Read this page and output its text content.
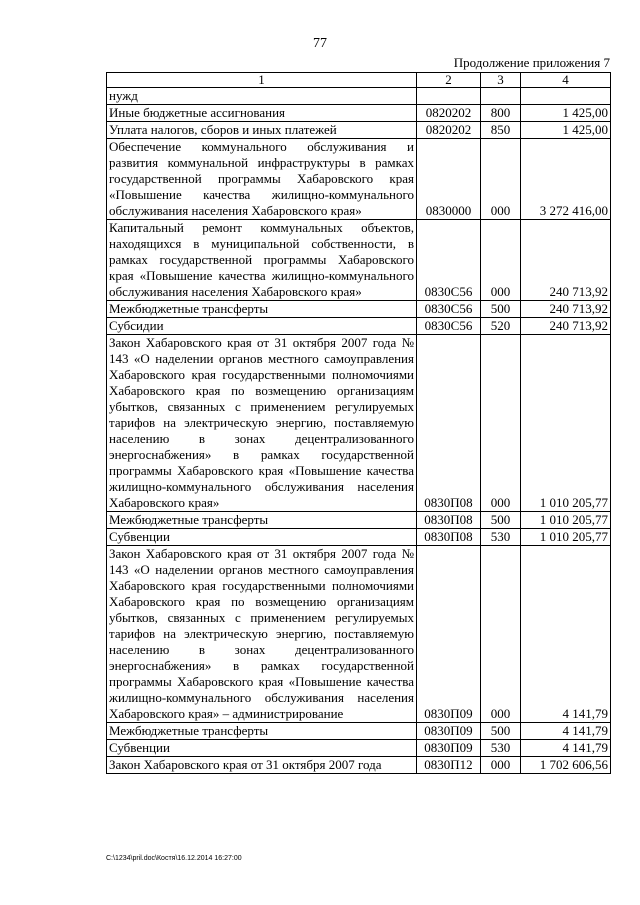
77
Продолжение приложения 7
1	2	3	4
нужд			
Иные бюджетные ассигнования	0820202	800	1 425,00
Уплата налогов, сборов и иных платежей	0820202	850	1 425,00
Обеспечение коммунального обслуживания и развития коммунальной инфраструктуры в рамках государственной программы Хабаровского края «Повышение качества жилищно-коммунального обслуживания населения Хабаровского края»	0830000	000	3 272 416,00
Капитальный ремонт коммунальных объектов, находящихся в муниципальной собственности, в рамках государственной программы Хабаровского края «Повышение качества жилищно-коммунального обслуживания населения Хабаровского края»	0830С56	000	240 713,92
Межбюджетные трансферты	0830С56	500	240 713,92
Субсидии	0830С56	520	240 713,92
Закон Хабаровского края от 31 октября 2007 года № 143 «О наделении органов местного самоуправления Хабаровского края государственными полномочиями Хабаровского края по возмещению организациям убытков, связанных с применением регулируемых тарифов на электрическую энергию, поставляемую населению в зонах децентрализованного энергоснабжения» в рамках государственной программы Хабаровского края «Повышение качества жилищно-коммунального обслуживания населения Хабаровского края»	0830П08	000	1 010 205,77
Межбюджетные трансферты	0830П08	500	1 010 205,77
Субвенции	0830П08	530	1 010 205,77
Закон Хабаровского края от 31 октября 2007 года № 143 «О наделении органов местного самоуправления Хабаровского края государственными полномочиями Хабаровского края по возмещению организациям убытков, связанных с применением регулируемых тарифов на электрическую энергию, поставляемую населению в зонах децентрализованного энергоснабжения» в рамках государственной программы Хабаровского края «Повышение качества жилищно-коммунального обслуживания населения Хабаровского края» – администрирование	0830П09	000	4 141,79
Межбюджетные трансферты	0830П09	500	4 141,79
Субвенции	0830П09	530	4 141,79
Закон Хабаровского края от 31 октября 2007 года	0830П12	000	1 702 606,56
C:\1234\pril.doc\Костя\16.12.2014 16:27:00
